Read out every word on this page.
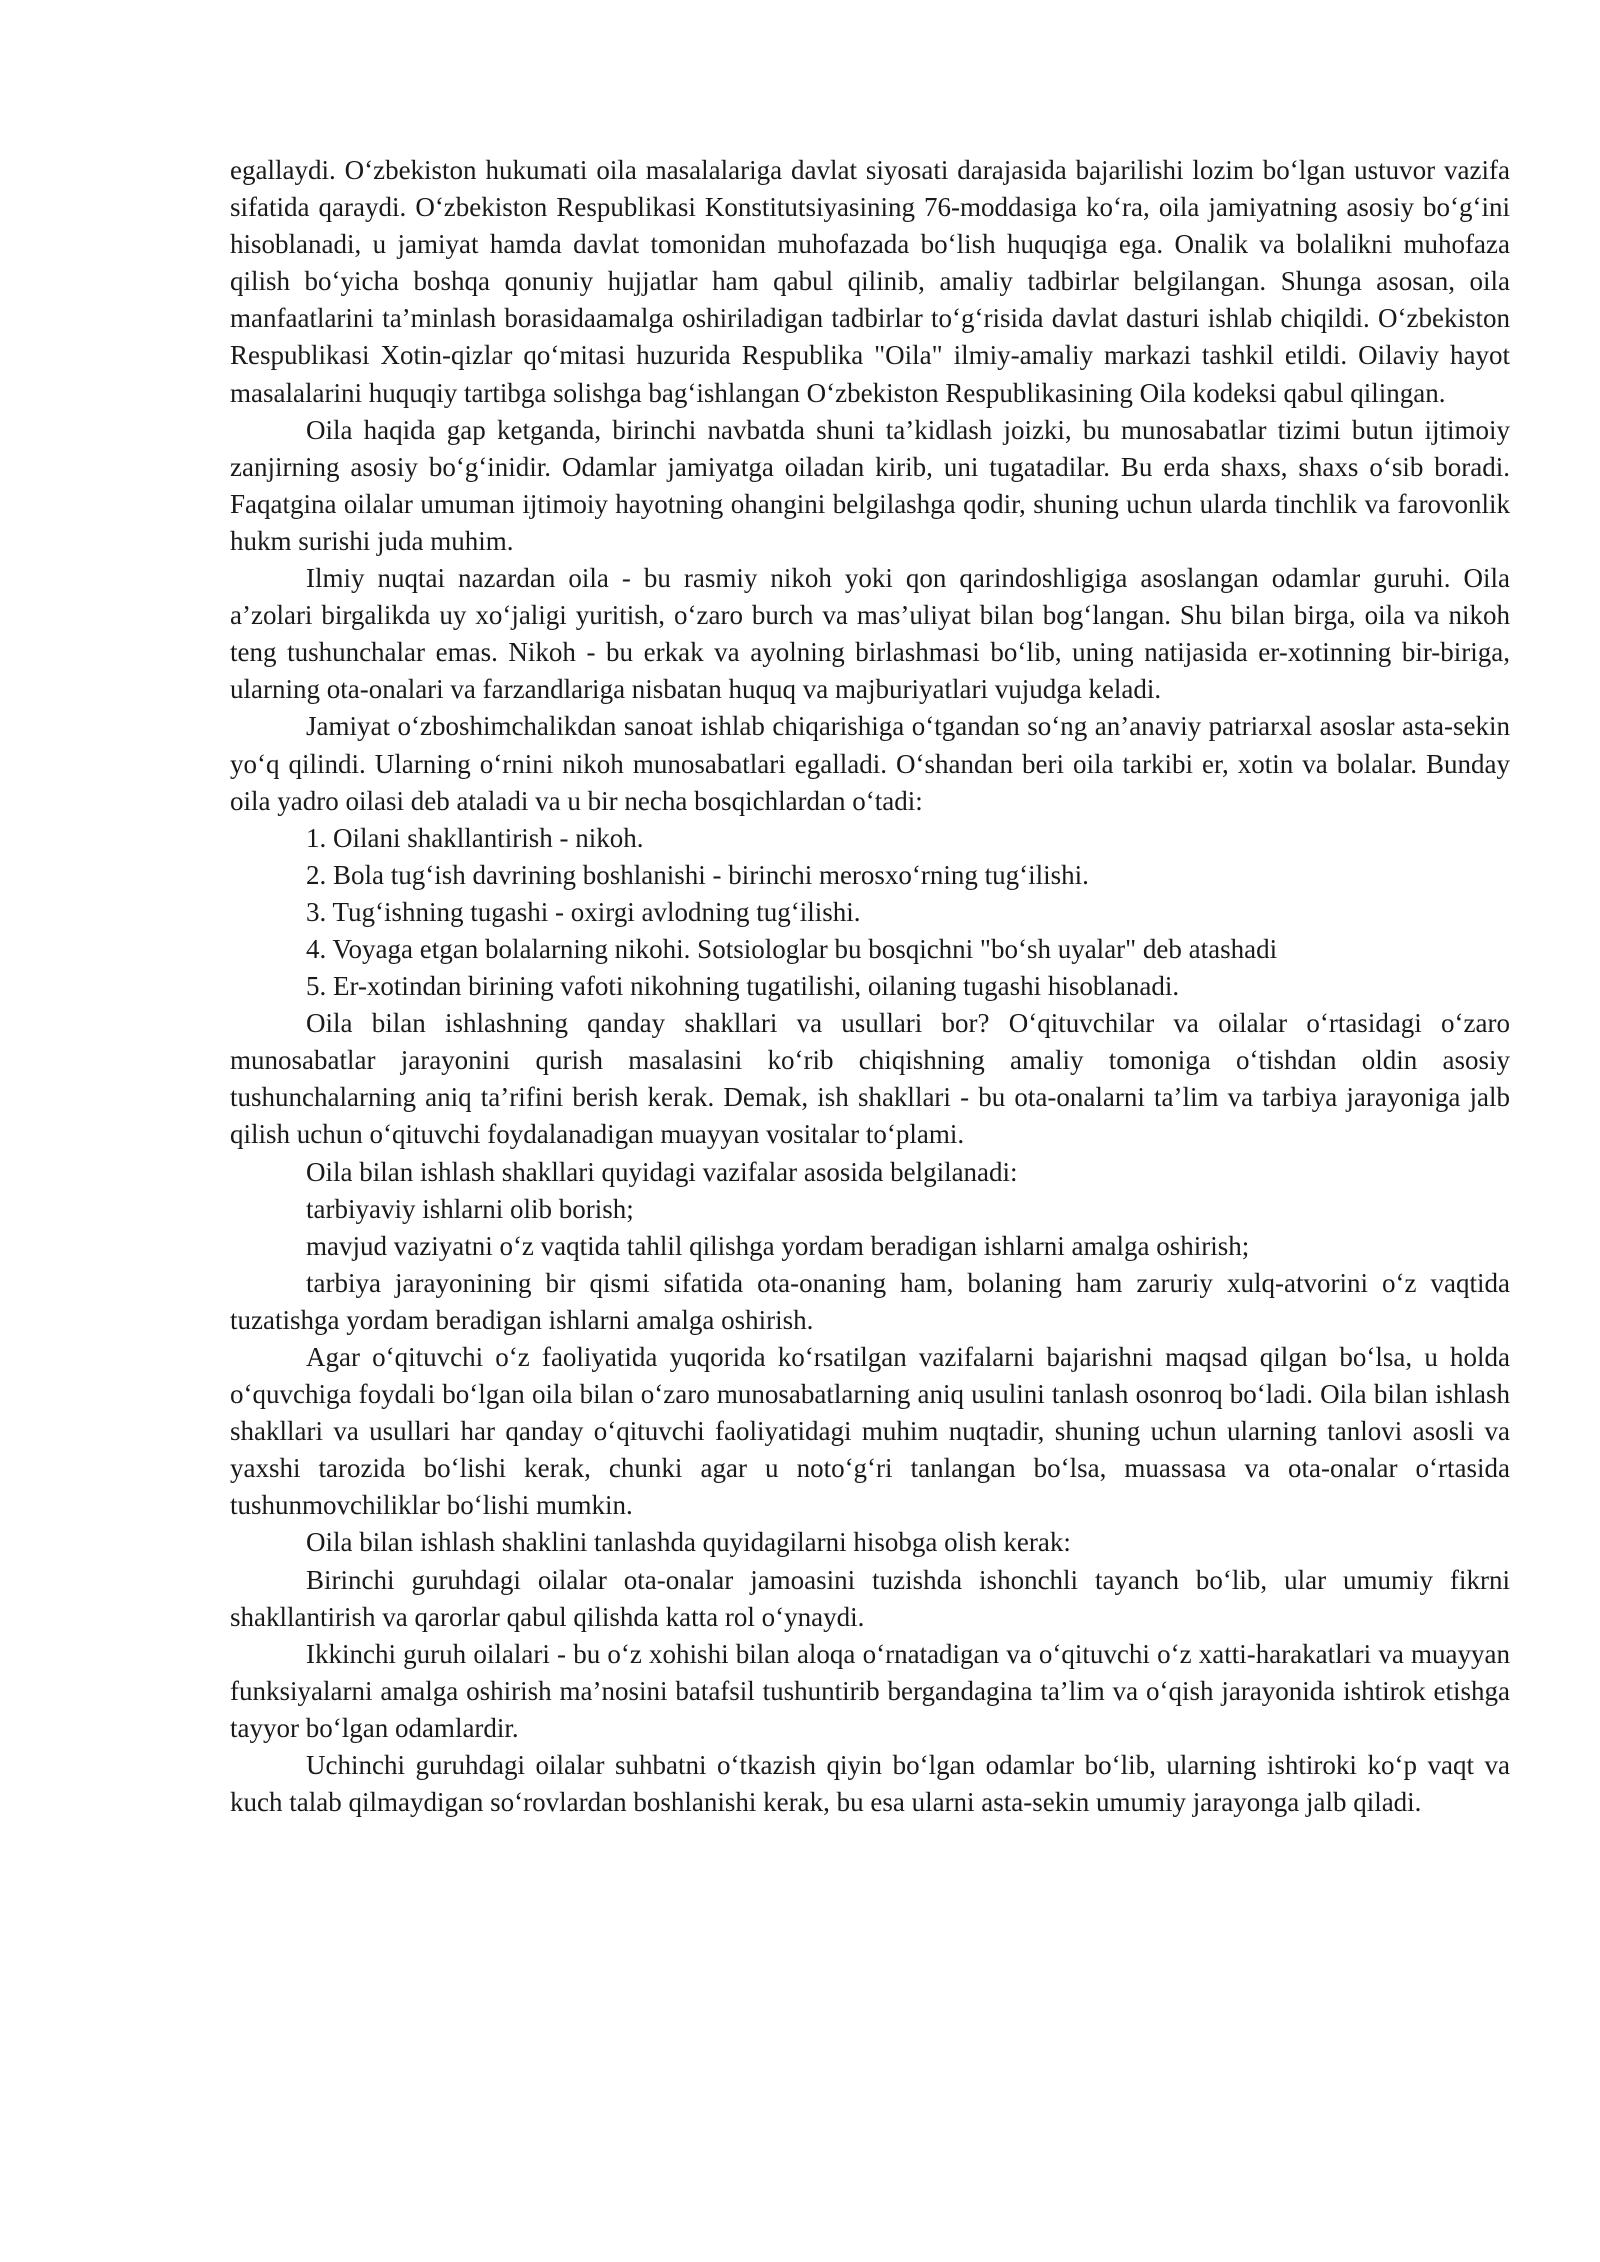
egallaydi. O‘zbekiston hukumati oila masalalariga davlat siyosati darajasida bajarilishi lozim bo‘lgan ustuvor vazifa sifatida qaraydi. O‘zbekiston Respublikasi Konstitutsiyasining 76-moddasiga ko‘ra, oila jamiyatning asosiy bo‘g‘ini hisoblanadi, u jamiyat hamda davlat tomonidan muhofazada bo‘lish huquqiga ega. Onalik va bolalikni muhofaza qilish bo‘yicha boshqa qonuniy hujjatlar ham qabul qilinib, amaliy tadbirlar belgilangan. Shunga asosan, oila manfaatlarini ta’minlash borasidaamalga oshiriladigan tadbirlar to‘g‘risida davlat dasturi ishlab chiqildi. O‘zbekiston Respublikasi Xotin-qizlar qo‘mitasi huzurida Respublika "Oila" ilmiy-amaliy markazi tashkil etildi. Oilaviy hayot masalalarini huquqiy tartibga solishga bag‘ishlangan O‘zbekiston Respublikasining Oila kodeksi qabul qilingan.

Oila haqida gap ketganda, birinchi navbatda shuni ta’kidlash joizki, bu munosabatlar tizimi butun ijtimoiy zanjirning asosiy bo‘g‘inidir. Odamlar jamiyatga oiladan kirib, uni tugatadilar. Bu erda shaxs, shaxs o‘sib boradi. Faqatgina oilalar umuman ijtimoiy hayotning ohangini belgilashga qodir, shuning uchun ularda tinchlik va farovonlik hukm surishi juda muhim.

Ilmiy nuqtai nazardan oila - bu rasmiy nikoh yoki qon qarindoshligiga asoslangan odamlar guruhi. Oila a’zolari birgalikda uy xo‘jaligi yuritish, o‘zaro burch va mas’uliyat bilan bog‘langan. Shu bilan birga, oila va nikoh teng tushunchalar emas. Nikoh - bu erkak va ayolning birlashmasi bo‘lib, uning natijasida er-xotinning bir-biriga, ularning ota-onalari va farzandlariga nisbatan huquq va majburiyatlari vujudga keladi.

Jamiyat o‘zboshimchalikdan sanoat ishlab chiqarishiga o‘tgandan so‘ng an’anaviy patriarxal asoslar asta-sekin yo‘q qilindi. Ularning o‘rnini nikoh munosabatlari egalladi. O‘shandan beri oila tarkibi er, xotin va bolalar. Bunday oila yadro oilasi deb ataladi va u bir necha bosqichlardan o‘tadi:

1. Oilani shakllantirish - nikoh.

2. Bola tug‘ish davrining boshlanishi - birinchi merosxo‘rning tug‘ilishi.

3. Tug‘ishning tugashi - oxirgi avlodning tug‘ilishi.

4. Voyaga etgan bolalarning nikohi. Sotsiologlar bu bosqichni "bo‘sh uyalar" deb atashadi

5. Er-xotindan birining vafoti nikohning tugatilishi, oilaning tugashi hisoblanadi.

Oila bilan ishlashning qanday shakllari va usullari bor? O‘qituvchilar va oilalar o‘rtasidagi o‘zaro munosabatlar jarayonini qurish masalasini ko‘rib chiqishning amaliy tomoniga o‘tishdan oldin asosiy tushunchalarning aniq ta’rifini berish kerak. Demak, ish shakllari - bu ota-onalarni ta’lim va tarbiya jarayoniga jalb qilish uchun o‘qituvchi foydalanadigan muayyan vositalar to‘plami.

Oila bilan ishlash shakllari quyidagi vazifalar asosida belgilanadi:

tarbiyaviy ishlarni olib borish;

mavjud vaziyatni o‘z vaqtida tahlil qilishga yordam beradigan ishlarni amalga oshirish;

tarbiya jarayonining bir qismi sifatida ota-onaning ham, bolaning ham zaruriy xulq-atvorini o‘z vaqtida tuzatishga yordam beradigan ishlarni amalga oshirish.

Agar o‘qituvchi o‘z faoliyatida yuqorida ko‘rsatilgan vazifalarni bajarishni maqsad qilgan bo‘lsa, u holda o‘quvchiga foydali bo‘lgan oila bilan o‘zaro munosabatlarning aniq usulini tanlash osonroq bo‘ladi. Oila bilan ishlash shakllari va usullari har qanday o‘qituvchi faoliyatidagi muhim nuqtadir, shuning uchun ularning tanlovi asosli va yaxshi tarozida bo‘lishi kerak, chunki agar u noto‘g‘ri tanlangan bo‘lsa, muassasa va ota-onalar o‘rtasida tushunmovchiliklar bo‘lishi mumkin.

Oila bilan ishlash shaklini tanlashda quyidagilarni hisobga olish kerak:

Birinchi guruhdagi oilalar ota-onalar jamoasini tuzishda ishonchli tayanch bo‘lib, ular umumiy fikrni shakllantirish va qarorlar qabul qilishda katta rol o‘ynaydi.

Ikkinchi guruh oilalari - bu o‘z xohishi bilan aloqa o‘rnatadigan va o‘qituvchi o‘z xatti-harakatlari va muayyan funksiyalarni amalga oshirish ma’nosini batafsil tushuntirib bergandagina ta’lim va o‘qish jarayonida ishtirok etishga tayyor bo‘lgan odamlardir.

Uchinchi guruhdagi oilalar suhbatni o‘tkazish qiyin bo‘lgan odamlar bo‘lib, ularning ishtiroki ko‘p vaqt va kuch talab qilmaydigan so‘rovlardan boshlanishi kerak, bu esa ularni asta-sekin umumiy jarayonga jalb qiladi.
